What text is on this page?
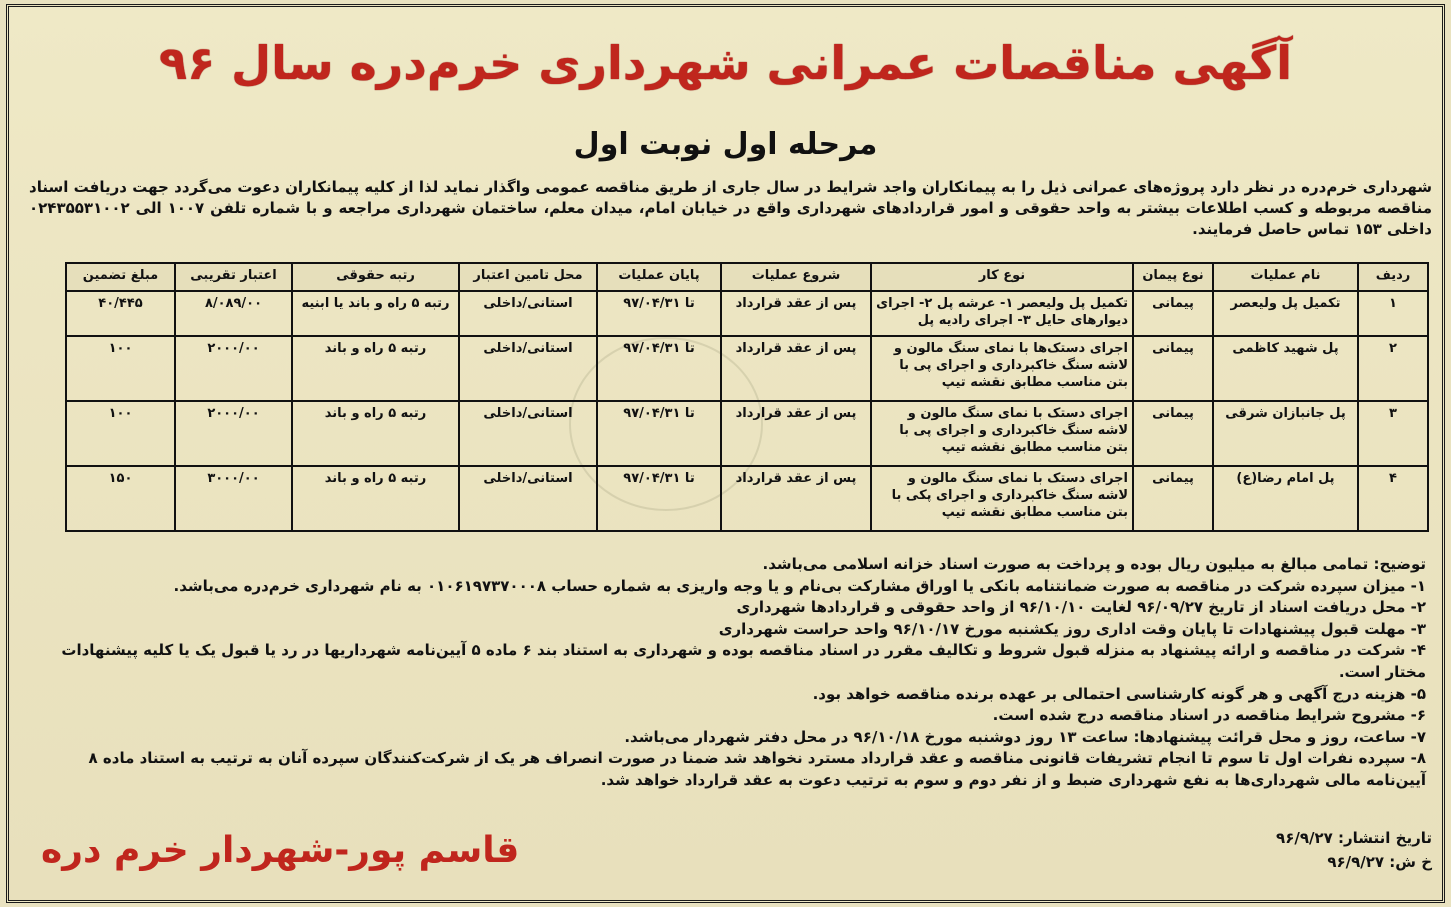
آگهی مناقصات عمرانی شهرداری خرم‌دره سال ۹۶
مرحله اول نوبت اول
شهرداری خرم‌دره در نظر دارد پروژه‌های عمرانی ذیل را به پیمانکاران واجد شرایط در سال جاری از طریق مناقصه عمومی واگذار نماید لذا از کلیه پیمانکاران دعوت می‌گردد جهت دریافت اسناد مناقصه مربوطه و کسب اطلاعات بیشتر به واحد حقوقی و امور قراردادهای شهرداری واقع در خیابان امام، میدان معلم، ساختمان شهرداری مراجعه و با شماره تلفن ۱۰۰۷ الی ۰۲۴۳۵۵۳۱۰۰۲ داخلی ۱۵۳ تماس حاصل فرمایند.
ردیف	نام عملیات	نوع پیمان	نوع کار	شروع عملیات	پایان عملیات	محل تامین اعتبار	رتبه حقوقی	اعتبار تقریبی	مبلغ تضمین
۱	تکمیل پل ولیعصر	پیمانی	تکمیل پل ولیعصر ۱- عرشه پل ۲- اجرای دیوارهای حایل ۳- اجرای رادیه پل	پس از عقد قرارداد	تا ۹۷/۰۴/۳۱	استانی/داخلی	رتبه ۵ راه و باند یا ابنیه	۸/۰۸۹/۰۰	۴۰/۴۴۵
۲	پل شهید کاظمی	پیمانی	اجرای دستک‌ها با نمای سنگ مالون و لاشه سنگ خاکبرداری و اجرای پی با بتن مناسب مطابق نقشه تیپ	پس از عقد قرارداد	تا ۹۷/۰۴/۳۱	استانی/داخلی	رتبه ۵ راه و باند	۲۰۰۰/۰۰	۱۰۰
۳	پل جانبازان شرقی	پیمانی	اجرای دستک با نمای سنگ مالون و لاشه سنگ خاکبرداری و اجرای پی با بتن مناسب مطابق نقشه تیپ	پس از عقد قرارداد	تا ۹۷/۰۴/۳۱	استانی/داخلی	رتبه ۵ راه و باند	۲۰۰۰/۰۰	۱۰۰
۴	پل امام رضا(ع)	پیمانی	اجرای دستک با نمای سنگ مالون و لاشه سنگ خاکبرداری و اجرای پکی با بتن مناسب مطابق نقشه تیپ	پس از عقد قرارداد	تا ۹۷/۰۴/۳۱	استانی/داخلی	رتبه ۵ راه و باند	۳۰۰۰/۰۰	۱۵۰

توضیح: تمامی مبالغ به میلیون ریال بوده و پرداخت به صورت اسناد خزانه اسلامی می‌باشد.

۱- میزان سپرده شرکت در مناقصه به صورت ضمانتنامه بانکی یا اوراق مشارکت بی‌نام و یا وجه واریزی به شماره حساب ۰۱۰۶۱۹۷۳۷۰۰۰۸ به نام شهرداری خرم‌دره می‌باشد.

۲- محل دریافت اسناد از تاریخ ۹۶/۰۹/۲۷ لغایت ۹۶/۱۰/۱۰ از واحد حقوقی و قراردادها شهرداری

۳- مهلت قبول پیشنهادات تا پایان وقت اداری روز یکشنبه مورخ ۹۶/۱۰/۱۷ واحد حراست شهرداری

۴- شرکت در مناقصه و ارائه پیشنهاد به منزله قبول شروط و تکالیف مقرر در اسناد مناقصه بوده و شهرداری به استناد بند ۶ ماده ۵ آیین‌نامه شهرداریها در رد یا قبول یک یا کلیه پیشنهادات مختار است.

۵- هزینه درج آگهی و هر گونه کارشناسی احتمالی بر عهده برنده مناقصه خواهد بود.

۶- مشروح شرایط مناقصه در اسناد مناقصه درج شده است.

۷- ساعت، روز و محل قرائت پیشنهادها: ساعت ۱۳ روز دوشنبه مورخ ۹۶/۱۰/۱۸ در محل دفتر شهردار می‌باشد.

۸- سپرده نفرات اول تا سوم تا انجام تشریفات قانونی مناقصه و عقد قرارداد مسترد نخواهد شد ضمنا در صورت انصراف هر یک از شرکت‌کنندگان سپرده آنان به ترتیب به استناد ماده ۸ آیین‌نامه مالی شهرداری‌ها به نفع شهرداری ضبط و از نفر دوم و سوم به ترتیب دعوت به عقد قرارداد خواهد شد.

تاریخ انتشار: ۹۶/۹/۲۷
خ ش: ۹۶/۹/۲۷
قاسم پور-شهردار خرم دره
